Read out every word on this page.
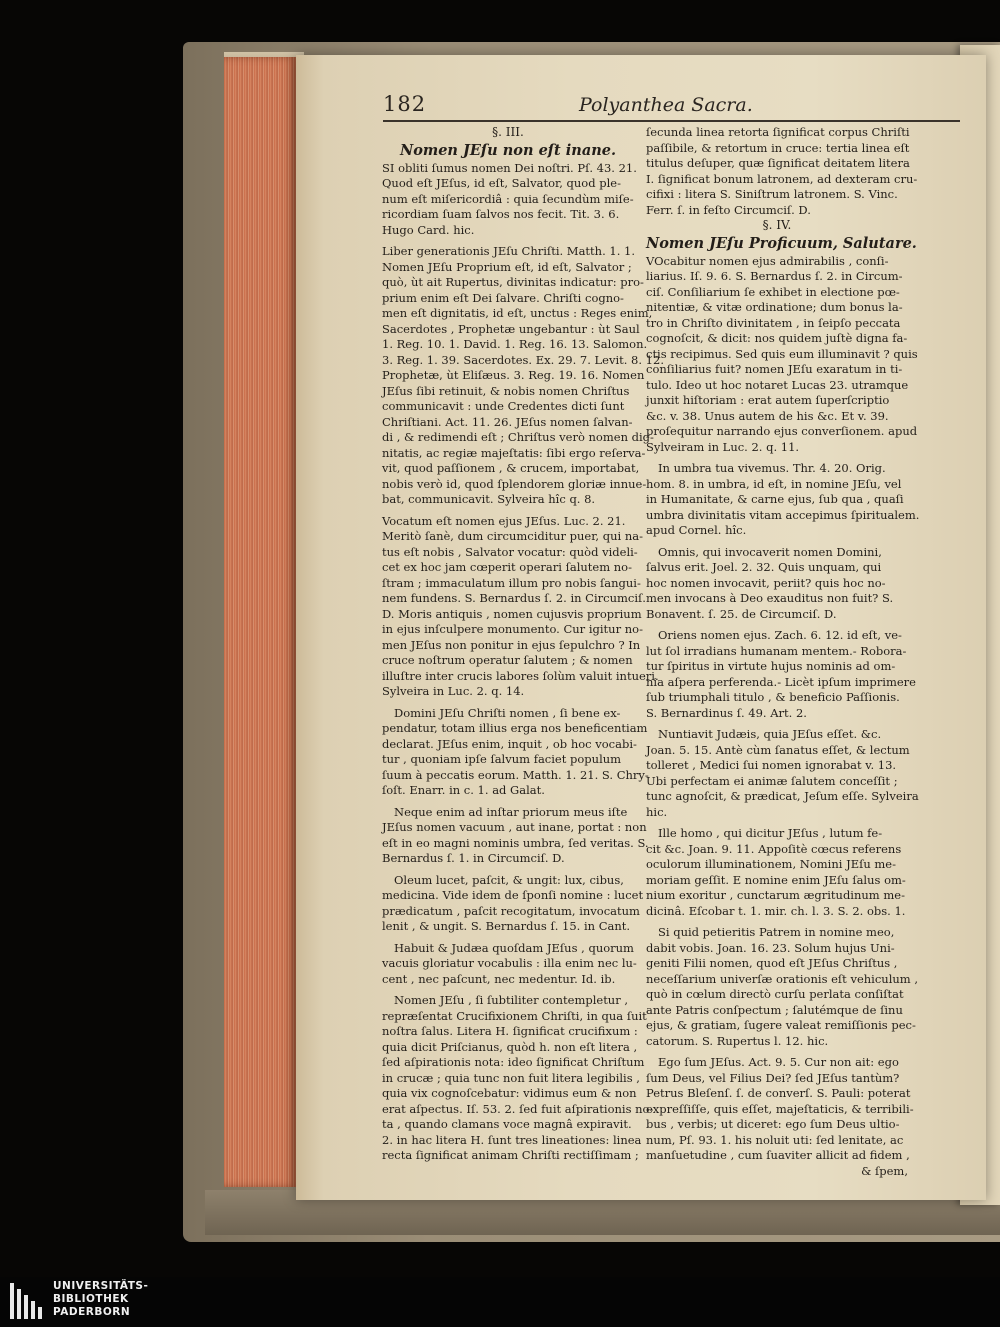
182	Polyanthea Sacra.
§. III.
Nomen JEſu non eſt inane.
SI obliti ſumus nomen Dei noſtri. Pſ. 43. 21.
Quod eſt JEſus, id eſt, Salvator, quod ple-
num eſt miſericordiâ : quia ſecundùm miſe-
ricordiam ſuam ſalvos nos fecit. Tit. 3. 6.
Hugo Card. hic.
Liber generationis JEſu Chriſti. Matth. 1. 1.
Nomen JEſu Proprium eſt, id eſt, Salvator ;
quò, ùt ait Rupertus, divinitas indicatur: pro-
prium enim eſt Dei ſalvare. Chriſti cogno-
men eſt dignitatis, id eſt, unctus : Reges enim,
Sacerdotes , Prophetæ ungebantur : ùt Saul
1. Reg. 10. 1. David. 1. Reg. 16. 13. Salomon.
3. Reg. 1. 39. Sacerdotes. Ex. 29. 7. Levit. 8. 12.
Prophetæ, ùt Eliſæus. 3. Reg. 19. 16. Nomen
JEſus ſibi retinuit, & nobis nomen Chriſtus
communicavit : unde Credentes dicti ſunt
Chriſtiani. Act. 11. 26. JEſus nomen ſalvan-
di , & redimendi eſt ; Chriſtus verò nomen dig-
nitatis, ac regiæ majeſtatis: ſibi ergo reſerva-
vit, quod paſſionem , & crucem, importabat,
nobis verò id, quod ſplendorem gloriæ innue-
bat, communicavit. Sylveira hîc q. 8.
Vocatum eſt nomen ejus JEſus. Luc. 2. 21.
Meritò ſanè, dum circumciditur puer, qui na-
tus eſt nobis , Salvator vocatur: quòd videli-
cet ex hoc jam cœperit operari ſalutem no-
ſtram ; immaculatum illum pro nobis ſangui-
nem fundens. S. Bernardus ſ. 2. in Circumciſ.
D. Moris antiquis , nomen cujusvis proprium
in ejus inſculpere monumento. Cur igitur no-
men JEſus non ponitur in ejus ſepulchro ? In
cruce noſtrum operatur ſalutem ; & nomen
illuſtre inter crucis labores ſolùm valuit intueri.
Sylveira in Luc. 2. q. 14.
Domini JEſu Chriſti nomen , ſi bene ex-
pendatur, totam illius erga nos beneficentiam
declarat. JEſus enim, inquit , ob hoc vocabi-
tur , quoniam ipſe ſalvum faciet populum
ſuum à peccatis eorum. Matth. 1. 21. S. Chry-
ſoſt. Enarr. in c. 1. ad Galat.
Neque enim ad inſtar priorum meus iſte
JEſus nomen vacuum , aut inane, portat : non
eſt in eo magni nominis umbra, ſed veritas. S.
Bernardus ſ. 1. in Circumciſ. D.
Oleum lucet, paſcit, & ungit: lux, cibus,
medicina. Vide idem de ſponſi nomine : lucet
prædicatum , paſcit recogitatum, invocatum
lenit , & ungit. S. Bernardus ſ. 15. in Cant.
Habuit & Judæa quoſdam JEſus , quorum
vacuis gloriatur vocabulis : illa enim nec lu-
cent , nec paſcunt, nec medentur. Id. ib.
Nomen JEſu , ſi ſubtiliter contempletur ,
repræſentat Crucifixionem Chriſti, in qua ſuit
noſtra ſalus. Litera H. ſignificat crucifixum :
quia dicit Priſcianus, quòd h. non eſt litera ,
ſed aſpirationis nota: ideo ſignificat Chriſtum
in crucæ ; quia tunc non fuit litera legibilis ,
quia vix cognoſcebatur: vidimus eum & non
erat aſpectus. Iſ. 53. 2. ſed fuit aſpirationis no-
ta , quando clamans voce magnâ expiravit.
2. in hac litera H. ſunt tres lineationes: linea
recta ſignificat animam Chriſti rectiſſimam ;
ſecunda linea retorta ſignificat corpus Chriſti
paſſibile, & retortum in cruce: tertia linea eſt
titulus deſuper, quæ ſignificat deitatem litera
I. ſignificat bonum latronem, ad dexteram cru-
cifixi : litera S. Siniſtrum latronem. S. Vinc.
Ferr. ſ. in feſto Circumciſ. D.
§. IV.
Nomen JEſu Proficuum, Salutare.
VOcabitur nomen ejus admirabilis , conſi-
liarius. Iſ. 9. 6. S. Bernardus ſ. 2. in Circum-
ciſ. Conſiliarium ſe exhibet in electione pœ-
nitentiæ, & vitæ ordinatione; dum bonus la-
tro in Chriſto divinitatem , in ſeipſo peccata
cognoſcit, & dicit: nos quidem juſtè digna fa-
ctis recipimus. Sed quis eum illuminavit ? quis
conſiliarius fuit? nomen JEſu exaratum in ti-
tulo. Ideo ut hoc notaret Lucas 23. utramque
junxit hiſtoriam : erat autem ſuperſcriptio
&c. v. 38. Unus autem de his &c. Et v. 39.
proſequitur narrando ejus converſionem. apud
Sylveiram in Luc. 2. q. 11.
In umbra tua vivemus. Thr. 4. 20. Orig.
hom. 8. in umbra, id eſt, in nomine JEſu, vel
in Humanitate, & carne ejus, ſub qua , quaſi
umbra divinitatis vitam accepimus ſpiritualem.
apud Cornel. hîc.
Omnis, qui invocaverit nomen Domini,
ſalvus erit. Joel. 2. 32. Quis unquam, qui
hoc nomen invocavit, periit? quis hoc no-
men invocans à Deo exauditus non fuit? S.
Bonavent. ſ. 25. de Circumciſ. D.
Oriens nomen ejus. Zach. 6. 12. id eſt, ve-
lut ſol irradians humanam mentem.- Robora-
tur ſpiritus in virtute hujus nominis ad om-
nia aſpera perferenda.- Licèt ipſum imprimere
ſub triumphali titulo , & beneficio Paſſionis.
S. Bernardinus ſ. 49. Art. 2.
Nuntiavit Judæis, quia JEſus eſſet. &c.
Joan. 5. 15. Antè cùm ſanatus eſſet, & lectum
tolleret , Medici ſui nomen ignorabat v. 13.
Ubi perfectam ei animæ ſalutem conceſſit ;
tunc agnoſcit, & prædicat, Jeſum eſſe. Sylveira
hic.
Ille homo , qui dicitur JEſus , lutum fe-
cit &c. Joan. 9. 11. Appoſitè cœcus referens
oculorum illuminationem, Nomini JEſu me-
moriam geſſit. E nomine enim JEſu ſalus om-
nium exoritur , cunctarum ægritudinum me-
dicinâ. Eſcobar t. 1. mir. ch. l. 3. S. 2. obs. 1.
Si quid petieritis Patrem in nomine meo,
dabit vobis. Joan. 16. 23. Solum hujus Uni-
geniti Filii nomen, quod eſt JEſus Chriſtus ,
neceſſarium univerſæ orationis eſt vehiculum ,
quò in cœlum directò curſu perlata conſiſtat
ante Patris conſpectum ; ſalutémque de ſinu
ejus, & gratiam, ſugere valeat remiſſionis pec-
catorum. S. Rupertus l. 12. hic.
Ego ſum JEſus. Act. 9. 5. Cur non ait: ego
ſum Deus, vel Filius Dei? ſed JEſus tantùm?
Petrus Bleſenſ. ſ. de converſ. S. Pauli: poterat
expreſſiſſe, quis eſſet, majeſtaticis, & terribili-
bus , verbis; ut diceret: ego ſum Deus ultio-
num, Pſ. 93. 1. his noluit uti: ſed lenitate, ac
manſuetudine , cum ſuaviter allicit ad fidem ,
& ſpem,
UNIVERSITÄTS-
BIBLIOTHEK
PADERBORN
